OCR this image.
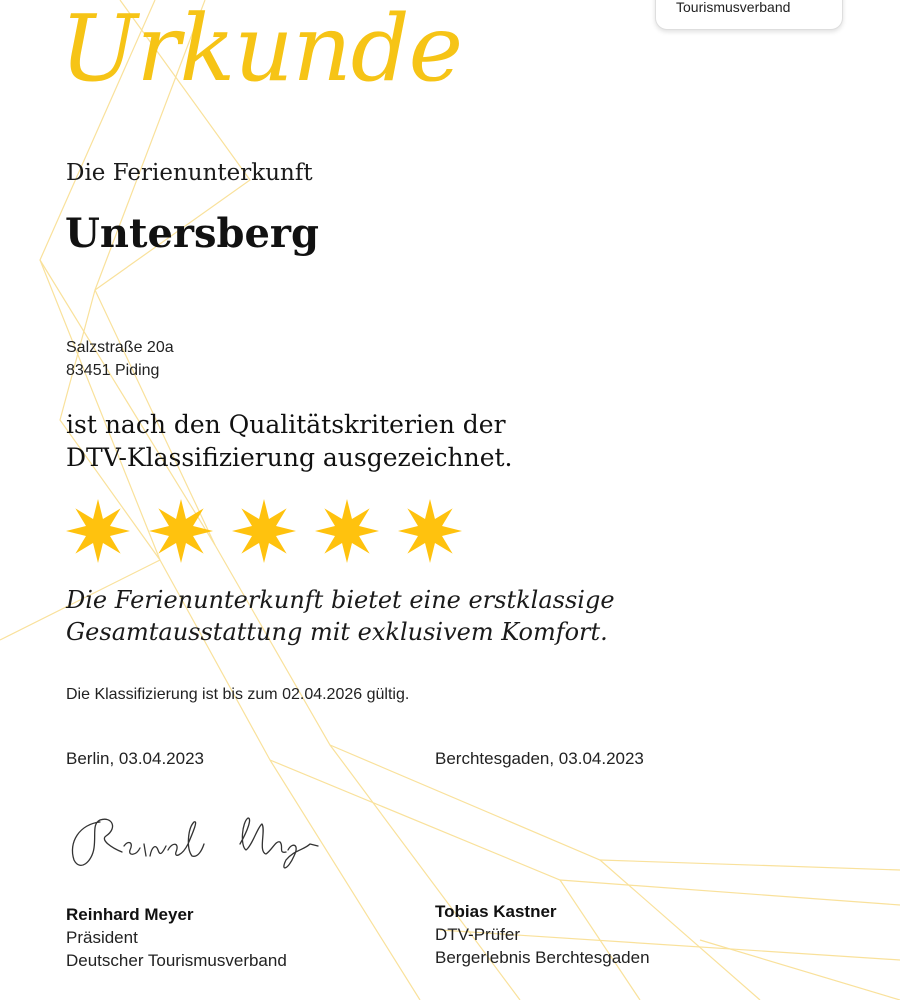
Tourismusverband
Urkunde
Die Ferienunterkunft
Untersberg
Salzstraße 20a
83451 Piding
ist nach den Qualitätskriterien der
DTV-Klassifizierung ausgezeichnet.
Die Ferienunterkunft bietet eine erstklassige
Gesamtausstattung mit exklusivem Komfort.
Die Klassifizierung ist bis zum 02.04.2026 gültig.
Berlin, 03.04.2023	Berchtesgaden, 03.04.2023
Reinhard Meyer
Präsident
Deutscher Tourismusverband
Tobias Kastner
DTV-Prüfer
Bergerlebnis Berchtesgaden
